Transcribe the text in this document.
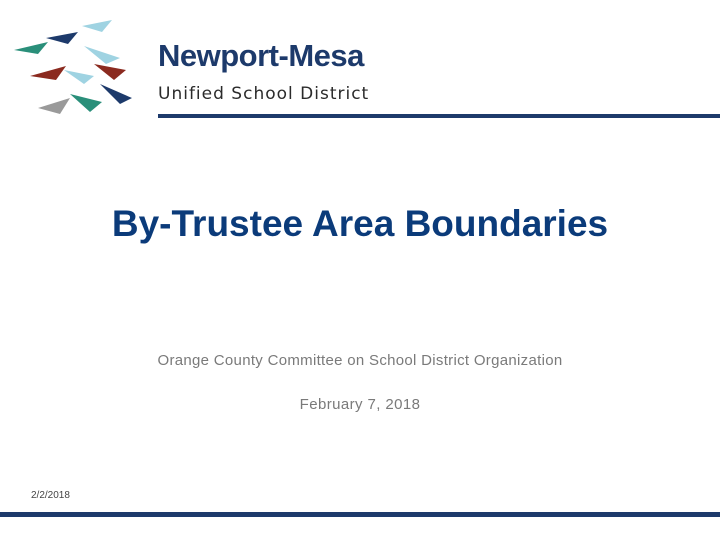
Newport-Mesa
Unified School District
By-Trustee Area Boundaries
Orange County Committee on School District Organization
February 7, 2018
2/2/2018
